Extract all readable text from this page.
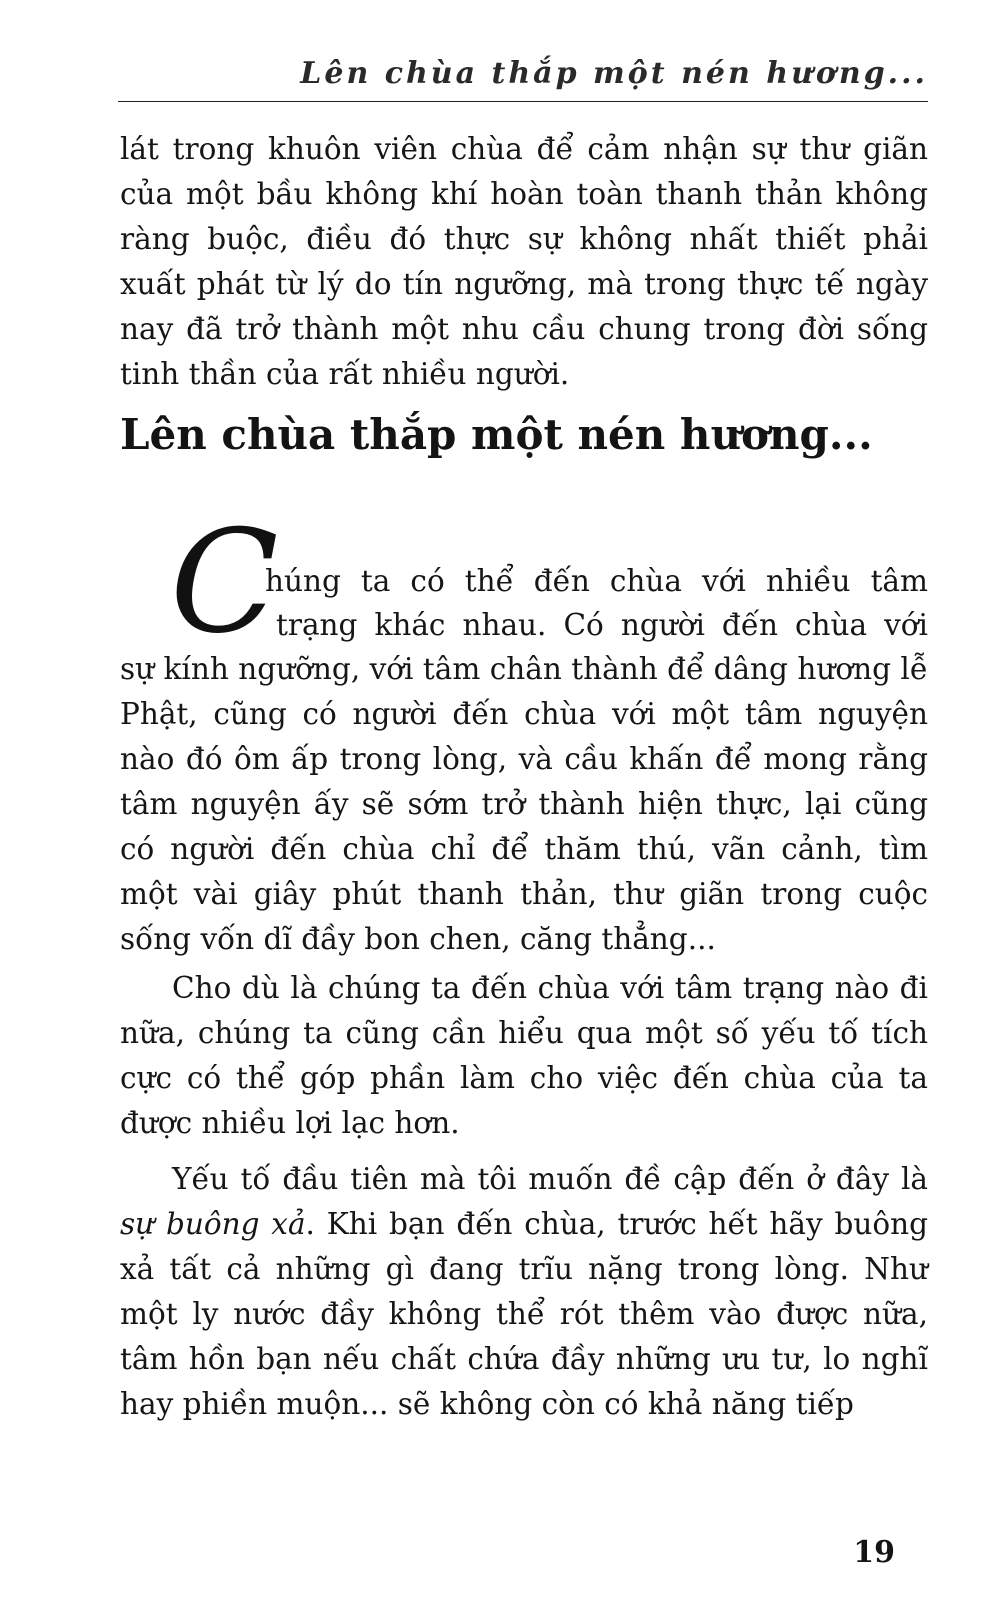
Lên chùa thắp một nén hương...

lát trong khuôn viên chùa để cảm nhận sự thư giãn của một bầu không khí hoàn toàn thanh thản không ràng buộc, điều đó thực sự không nhất thiết phải xuất phát từ lý do tín ngưỡng, mà trong thực tế ngày nay đã trở thành một nhu cầu chung trong đời sống tinh thần của rất nhiều người.

Lên chùa thắp một nén hương...
C
húng ta có thể đến chùa với nhiều tâm
trạng khác nhau. Có người đến chùa với

sự kính ngưỡng, với tâm chân thành để dâng hương lễ Phật, cũng có người đến chùa với một tâm nguyện nào đó ôm ấp trong lòng, và cầu khấn để mong rằng tâm nguyện ấy sẽ sớm trở thành hiện thực, lại cũng có người đến chùa chỉ để thăm thú, vãn cảnh, tìm một vài giây phút thanh thản, thư giãn trong cuộc sống vốn dĩ đầy bon chen, căng thẳng...

Cho dù là chúng ta đến chùa với tâm trạng nào đi nữa, chúng ta cũng cần hiểu qua một số yếu tố tích cực có thể góp phần làm cho việc đến chùa của ta được nhiều lợi lạc hơn.

Yếu tố đầu tiên mà tôi muốn đề cập đến ở đây là sự buông xả. Khi bạn đến chùa, trước hết hãy buông xả tất cả những gì đang trĩu nặng trong lòng. Như một ly nước đầy không thể rót thêm vào được nữa, tâm hồn bạn nếu chất chứa đầy những ưu tư, lo nghĩ hay phiền muộn... sẽ không còn có khả năng tiếp

19
